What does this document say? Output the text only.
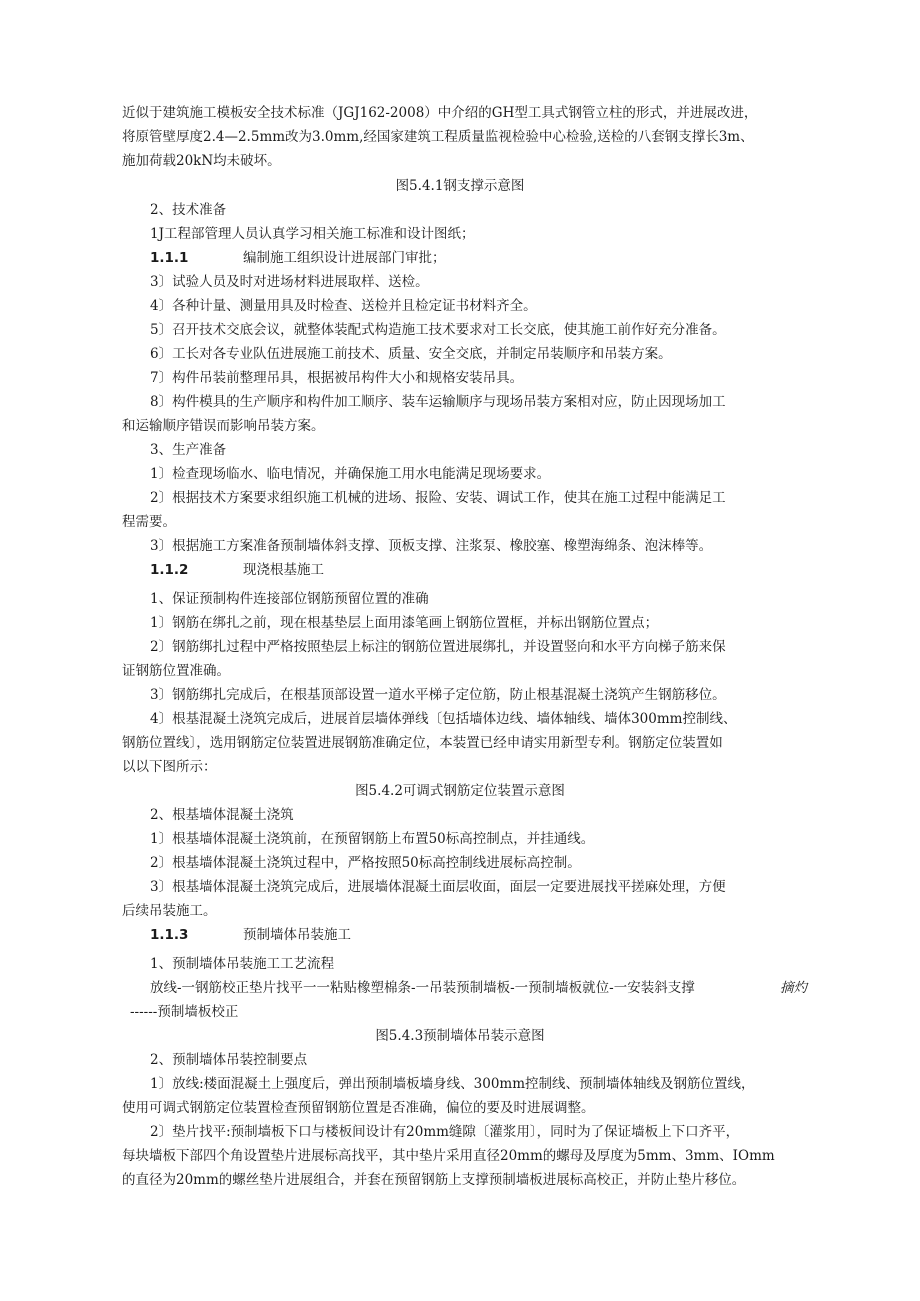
近似于建筑施工模板安全技术标准（JGJ162-2008）中介绍的GH型工具式钢管立柱的形式，并进展改进，
将原管壁厚度2.4—2.5mm改为3.0mm,经国家建筑工程质量监视检验中心检验,送检的八套钢支撑长3m、
施加荷载20kN均未破坏。
图5.4.1钢支撑示意图
2、技术准备
1J工程部管理人员认真学习相关施工标准和设计图纸；
1.1.1	编制施工组织设计进展部门审批；
3〕试验人员及时对进场材料进展取样、送检。
4〕各种计量、测量用具及时检查、送检并且检定证书材料齐全。
5〕召开技术交底会议，就整体装配式构造施工技术要求对工长交底，使其施工前作好充分准备。
6〕工长对各专业队伍进展施工前技术、质量、安全交底，并制定吊装顺序和吊装方案。
7〕构件吊装前整理吊具，根据被吊构件大小和规格安装吊具。
8〕构件模具的生产顺序和构件加工顺序、装车运输顺序与现场吊装方案相对应，防止因现场加工
和运输顺序错误而影响吊装方案。
3、生产准备
1〕检查现场临水、临电情况，并确保施工用水电能满足现场要求。
2〕根据技术方案要求组织施工机械的进场、报险、安装、调试工作，使其在施工过程中能满足工
程需要。
3〕根据施工方案准备预制墙体斜支撑、顶板支撑、注浆泵、橡胶塞、橡塑海绵条、泡沫棒等。
1.1.2	现浇根基施工
1、保证预制构件连接部位钢筋预留位置的准确
1〕钢筋在绑扎之前，现在根基垫层上面用漆笔画上钢筋位置框，并标出钢筋位置点；
2〕钢筋绑扎过程中严格按照垫层上标注的钢筋位置进展绑扎，并设置竖向和水平方向梯子筋来保
证钢筋位置准确。
3〕钢筋绑扎完成后，在根基顶部设置一道水平梯子定位筋，防止根基混凝土浇筑产生钢筋移位。
4〕根基混凝土浇筑完成后，进展首层墙体弹线〔包括墙体边线、墙体轴线、墙体300mm控制线、
钢筋位置线〕，选用钢筋定位装置进展钢筋准确定位，本装置已经申请实用新型专利。钢筋定位装置如
以以下图所示：
图5.4.2可调式钢筋定位装置示意图
2、根基墙体混凝土浇筑
1〕根基墙体混凝土浇筑前，在预留钢筋上布置50标高控制点，并挂通线。
2〕根基墙体混凝土浇筑过程中，严格按照50标高控制线进展标高控制。
3〕根基墙体混凝土浇筑完成后，进展墙体混凝土面层收面，面层一定要进展找平搓麻处理，方便
后续吊装施工。
1.1.3	预制墙体吊装施工
1、预制墙体吊装施工工艺流程
放线-一钢筋校正垫片找平一一粘贴橡塑棉条-一吊装预制墙板-一预制墙板就位-一安装斜支撑	摘灼
------预制墙板校正
图5.4.3预制墙体吊装示意图
2、预制墙体吊装控制要点
1〕放线:楼面混凝土上强度后，弹出预制墙板墙身线、300mm控制线、预制墙体轴线及钢筋位置线，
使用可调式钢筋定位装置检查预留钢筋位置是否准确，偏位的要及时进展调整。
2〕垫片找平:预制墙板下口与楼板间设计有20mm缝隙〔灌浆用〕，同时为了保证墙板上下口齐平，
每块墙板下部四个角设置垫片进展标高找平，其中垫片采用直径20mm的螺母及厚度为5mm、3mm、IOmm
的直径为20mm的螺丝垫片进展组合，并套在预留钢筋上支撑预制墙板进展标高校正，并防止垫片移位。
